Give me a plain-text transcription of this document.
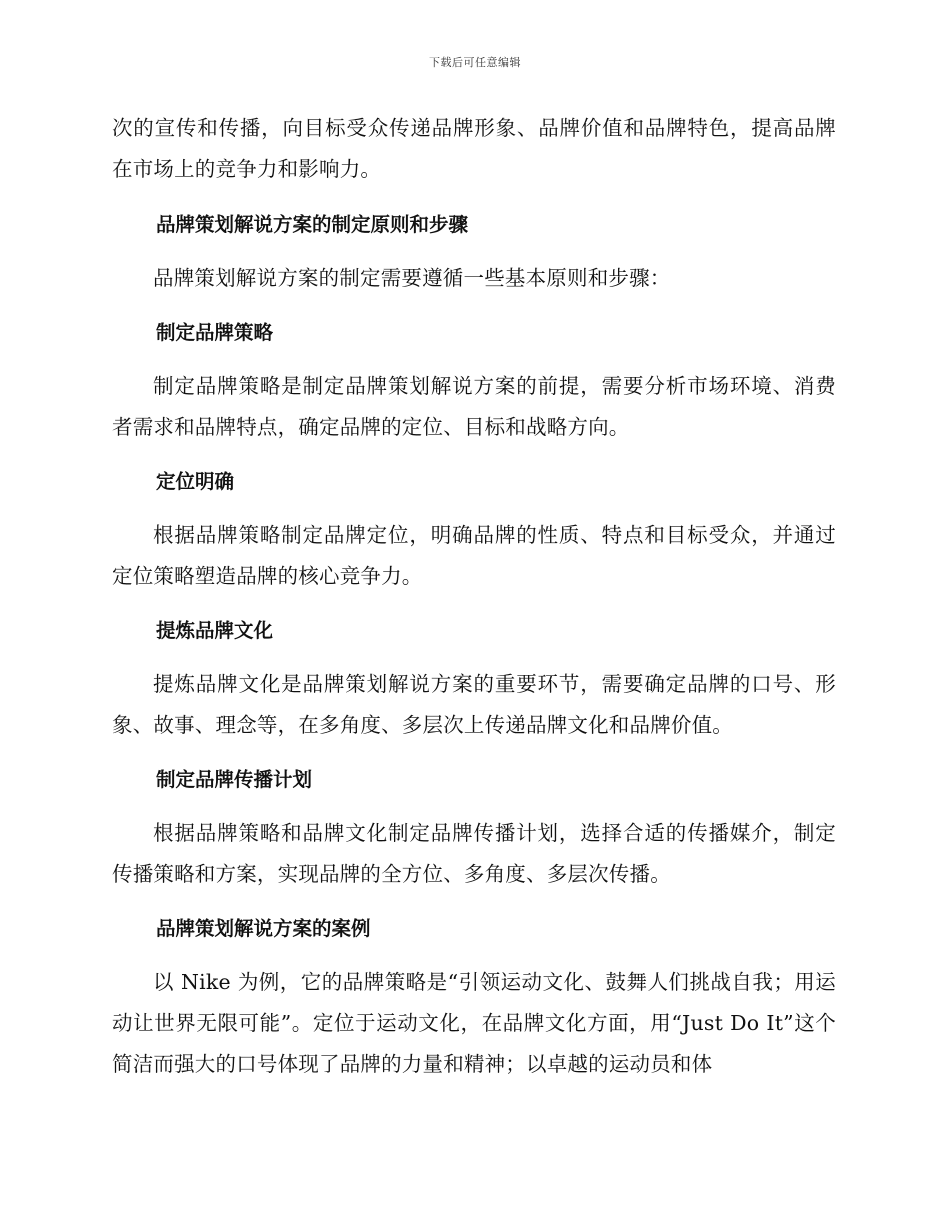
下载后可任意编辑

次的宣传和传播，向目标受众传递品牌形象、品牌价值和品牌特色，提高品牌在市场上的竞争力和影响力。

品牌策划解说方案的制定原则和步骤

品牌策划解说方案的制定需要遵循一些基本原则和步骤：

制定品牌策略

制定品牌策略是制定品牌策划解说方案的前提，需要分析市场环境、消费者需求和品牌特点，确定品牌的定位、目标和战略方向。

定位明确

根据品牌策略制定品牌定位，明确品牌的性质、特点和目标受众，并通过定位策略塑造品牌的核心竞争力。

提炼品牌文化

提炼品牌文化是品牌策划解说方案的重要环节，需要确定品牌的口号、形象、故事、理念等，在多角度、多层次上传递品牌文化和品牌价值。

制定品牌传播计划

根据品牌策略和品牌文化制定品牌传播计划，选择合适的传播媒介，制定传播策略和方案，实现品牌的全方位、多角度、多层次传播。

品牌策划解说方案的案例

以 Nike 为例，它的品牌策略是“引领运动文化、鼓舞人们挑战自我；用运动让世界无限可能”。定位于运动文化，在品牌文化方面，用“Just Do It”这个简洁而强大的口号体现了品牌的力量和精神；以卓越的运动员和体
